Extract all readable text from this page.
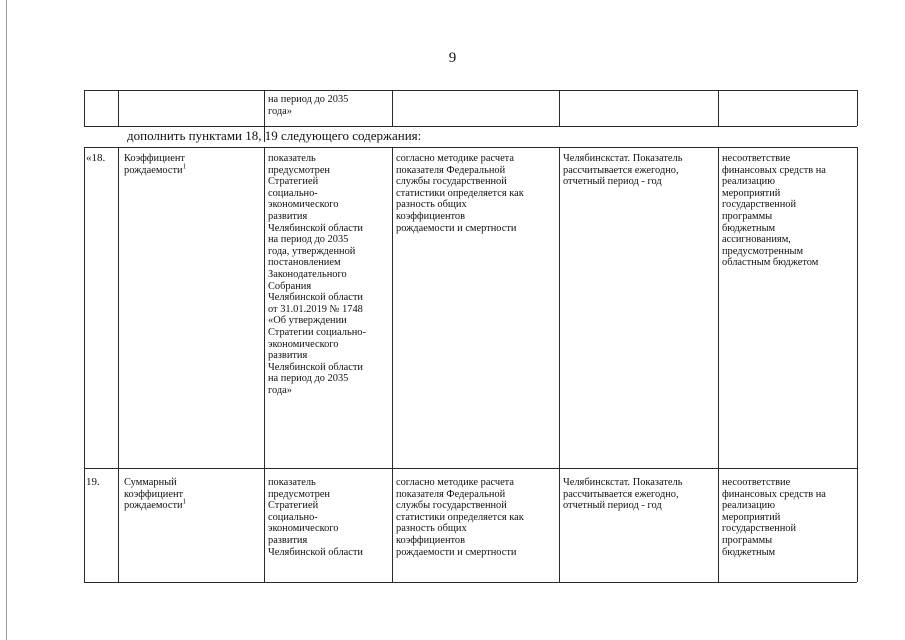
9
на период до 2035
года»
дополнить пунктами 18, 19 следующего содержания:
«18.	Коэффициент
рождаемости$^1$
показатель
предусмотрен
Стратегией
социально-
экономического
развития
Челябинской области
на период до 2035
года, утвержденной
постановлением
Законодательного
Собрания
Челябинской области
от 31.01.2019 № 1748
«Об утверждении
Стратегии социально-
экономического
развития
Челябинской области
на период до 2035
года»
согласно методике расчета
показателя Федеральной
службы государственной
статистики определяется как
разность общих
коэффициентов
рождаемости и смертности
Челябинскстат. Показатель
рассчитывается ежегодно,
отчетный период - год
несоответствие
финансовых средств на
реализацию
мероприятий
государственной
программы
бюджетным
ассигнованиям,
предусмотренным
областным бюджетом
19.	Суммарный
коэффициент
рождаемости$^1$
показатель
предусмотрен
Стратегией
социально-
экономического
развития
Челябинской области
согласно методике расчета
показателя Федеральной
службы государственной
статистики определяется как
разность общих
коэффициентов
рождаемости и смертности
Челябинскстат. Показатель
рассчитывается ежегодно,
отчетный период - год
несоответствие
финансовых средств на
реализацию
мероприятий
государственной
программы
бюджетным
